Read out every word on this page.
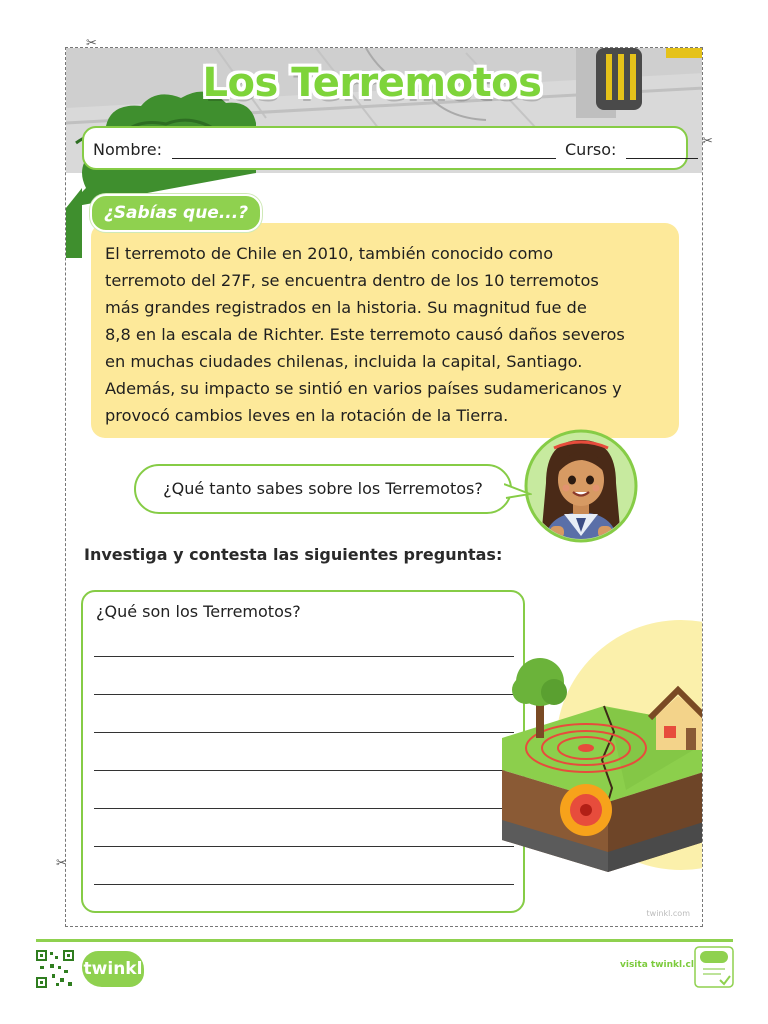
Los Terremotos
Nombre:	Curso:
¿Sabías que...?
El terremoto de Chile en 2010, también conocido como
terremoto del 27F, se encuentra dentro de los 10 terremotos
más grandes registrados en la historia. Su magnitud fue de
8,8 en la escala de Richter. Este terremoto causó daños severos
en muchas ciudades chilenas, incluida la capital, Santiago.
Además, su impacto se sintió en varios países sudamericanos y
provocó cambios leves en la rotación de la Tierra.
¿Qué tanto sabes sobre los Terremotos?
Investiga y contesta las siguientes preguntas:
¿Qué son los Terremotos?
twinkl.com
✂
✂
✂
twinkl	visita twinkl.cl
